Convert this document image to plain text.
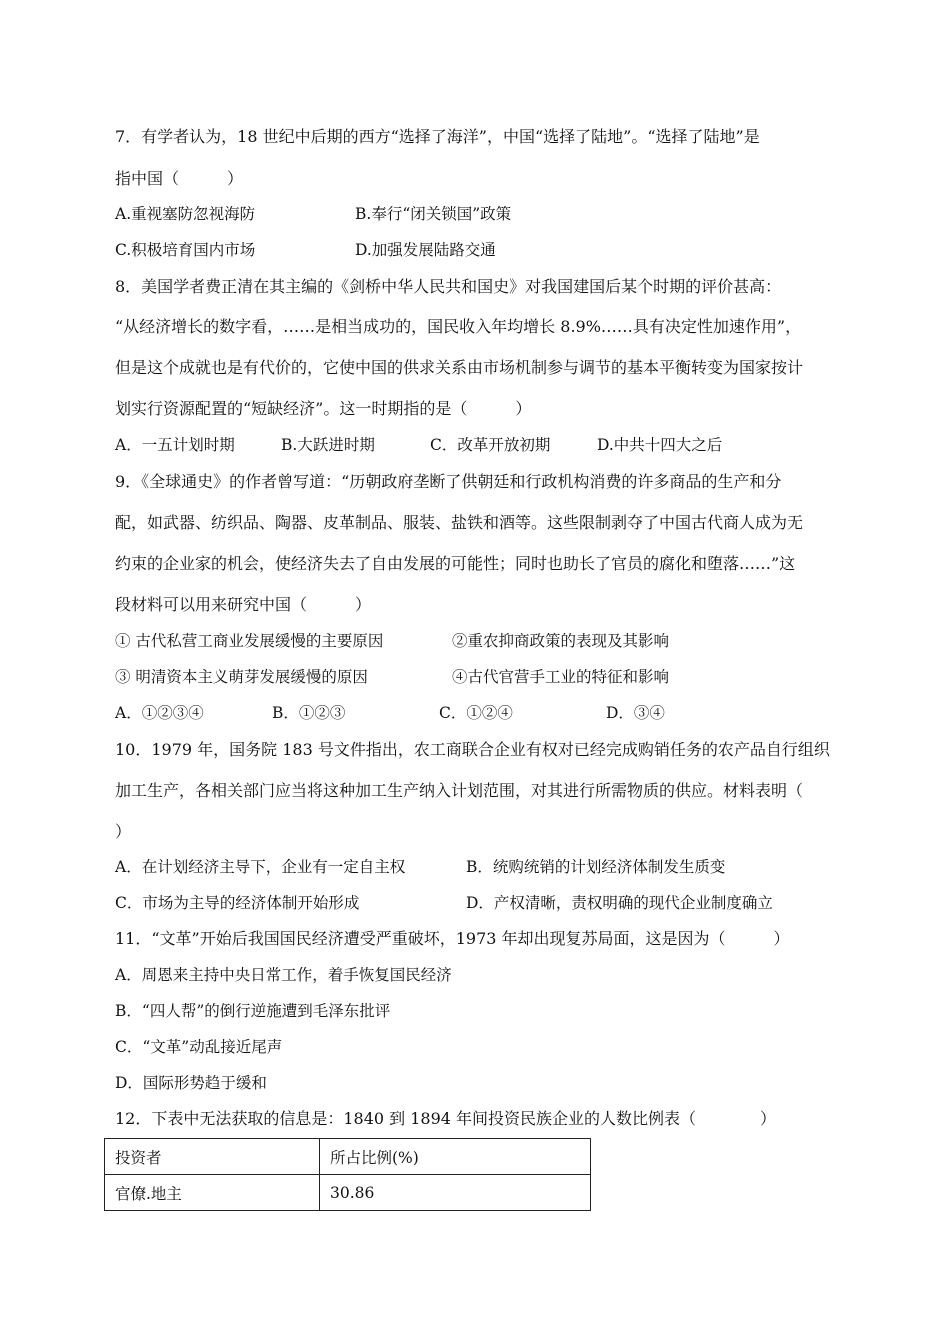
7．有学者认为，18 世纪中后期的西方“选择了海洋”，中国“选择了陆地”。“选择了陆地”是
指中国（　　　）
A.重视塞防忽视海防	B.奉行“闭关锁国”政策
C.积极培育国内市场	D.加强发展陆路交通
8．美国学者费正清在其主编的《剑桥中华人民共和国史》对我国建国后某个时期的评价甚高：
“从经济增长的数字看，……是相当成功的，国民收入年均增长 8.9%……具有决定性加速作用”，
但是这个成就也是有代价的，它使中国的供求关系由市场机制参与调节的基本平衡转变为国家按计
划实行资源配置的“短缺经济”。这一时期指的是（　　　）
A．一五计划时期	B.大跃进时期	C．改革开放初期	D.中共十四大之后
9．《全球通史》的作者曾写道：“历朝政府垄断了供朝廷和行政机构消费的许多商品的生产和分
配，如武器、纺织品、陶器、皮革制品、服装、盐铁和酒等。这些限制剥夺了中国古代商人成为无
约束的企业家的机会，使经济失去了自由发展的可能性；同时也助长了官员的腐化和堕落……”这
段材料可以用来研究中国（　　　）
① 古代私营工商业发展缓慢的主要原因	②重农抑商政策的表现及其影响
③ 明清资本主义萌芽发展缓慢的原因	④古代官营手工业的特征和影响
A．①②③④	B．①②③	C．①②④	D．③④
10．1979 年，国务院 183 号文件指出，农工商联合企业有权对已经完成购销任务的农产品自行组织
加工生产，各相关部门应当将这种加工生产纳入计划范围，对其进行所需物质的供应。材料表明（
）
A．在计划经济主导下，企业有一定自主权	B．统购统销的计划经济体制发生质变
C．市场为主导的经济体制开始形成	D．产权清晰，责权明确的现代企业制度确立
11．“文革”开始后我国国民经济遭受严重破坏，1973 年却出现复苏局面，这是因为（　　　）
A．周恩来主持中央日常工作，着手恢复国民经济
B．“四人帮”的倒行逆施遭到毛泽东批评
C．“文革”动乱接近尾声
D．国际形势趋于缓和
12．下表中无法获取的信息是：1840 到 1894 年间投资民族企业的人数比例表（　　　　）
投资者	所占比例(%)
官僚.地主	30.86
